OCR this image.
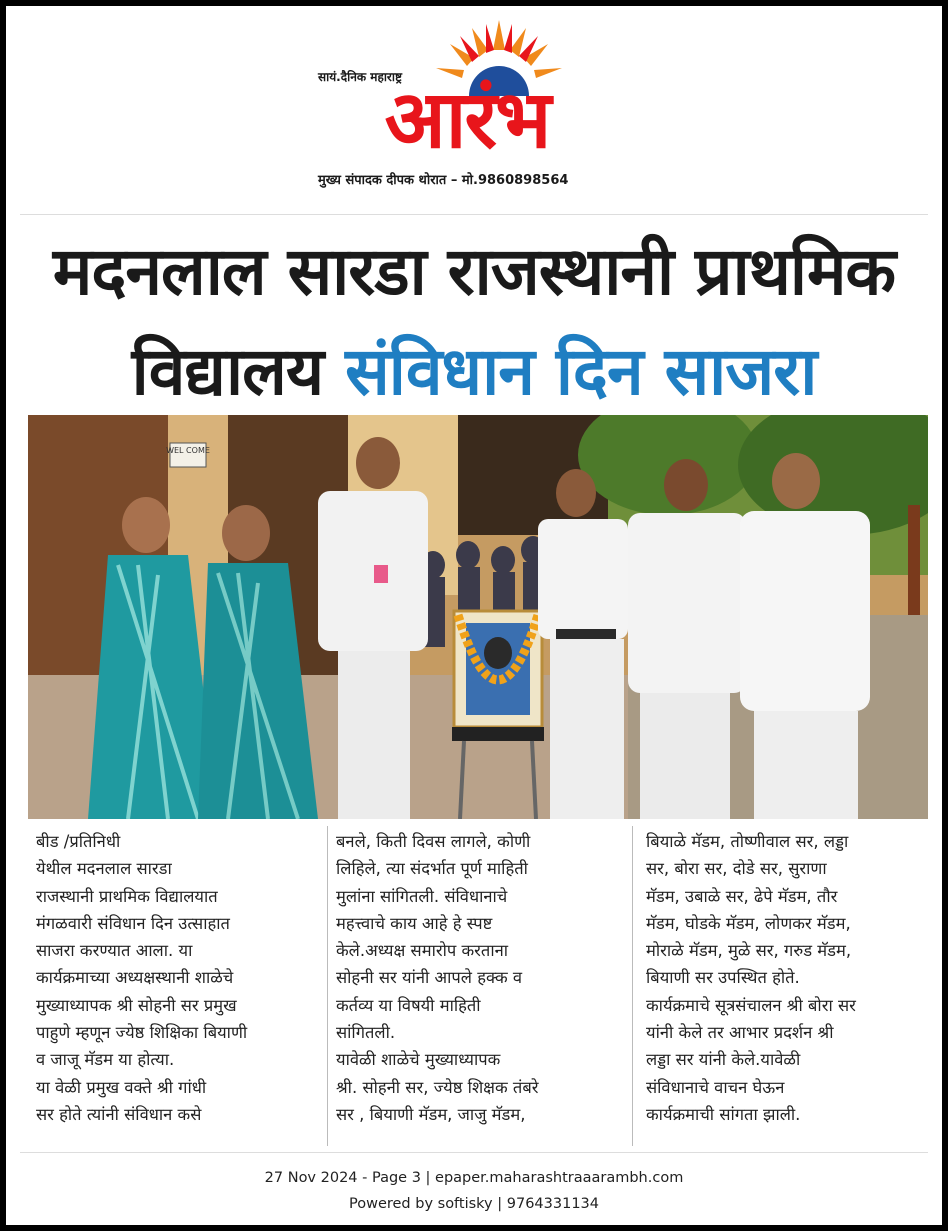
सायं.दैनिक महाराष्ट्र
आरंभ
मुख्य संपादक दीपक थोरात – मो.9860898564
मदनलाल सारडा राजस्थानी प्राथमिक
विद्यालय संविधान दिन साजरा
WEL COME
बीड /प्रतिनिधी
येथील मदनलाल सारडा
राजस्थानी प्राथमिक विद्यालयात
मंगळवारी संविधान दिन उत्साहात
साजरा करण्यात आला. या
कार्यक्रमाच्या अध्यक्षस्थानी शाळेचे
मुख्याध्यापक श्री सोहनी सर प्रमुख
पाहुणे म्हणून ज्येष्ठ शिक्षिका बियाणी
व जाजू मॅडम या होत्या.
या वेळी प्रमुख वक्ते श्री गांधी
सर होते त्यांनी संविधान कसे
बनले, किती दिवस लागले, कोणी
लिहिले, त्या संदर्भात पूर्ण माहिती
मुलांना सांगितली. संविधानाचे
महत्त्वाचे काय आहे हे स्पष्ट
केले.अध्यक्ष समारोप करताना
सोहनी सर यांनी आपले हक्क व
कर्तव्य या विषयी माहिती
सांगितली.
यावेळी शाळेचे मुख्याध्यापक
श्री. सोहनी सर, ज्येष्ठ शिक्षक तंबरे
सर , बियाणी मॅडम, जाजु मॅडम,
बियाळे मॅडम, तोष्णीवाल सर, लड्डा
सर, बोरा सर, दोडे सर, सुराणा
मॅडम, उबाळे सर, ढेपे मॅडम, तौर
मॅडम, घोडके मॅडम, लोणकर मॅडम,
मोराळे मॅडम, मुळे सर, गरुड मॅडम,
बियाणी सर उपस्थित होते.
कार्यक्रमाचे सूत्रसंचालन श्री बोरा सर
यांनी केले तर आभार प्रदर्शन श्री
लड्डा सर यांनी केले.यावेळी
संविधानाचे वाचन घेऊन
कार्यक्रमाची सांगता झाली.
27 Nov 2024 - Page 3 | epaper.maharashtraaarambh.com
Powered by softisky | 9764331134
